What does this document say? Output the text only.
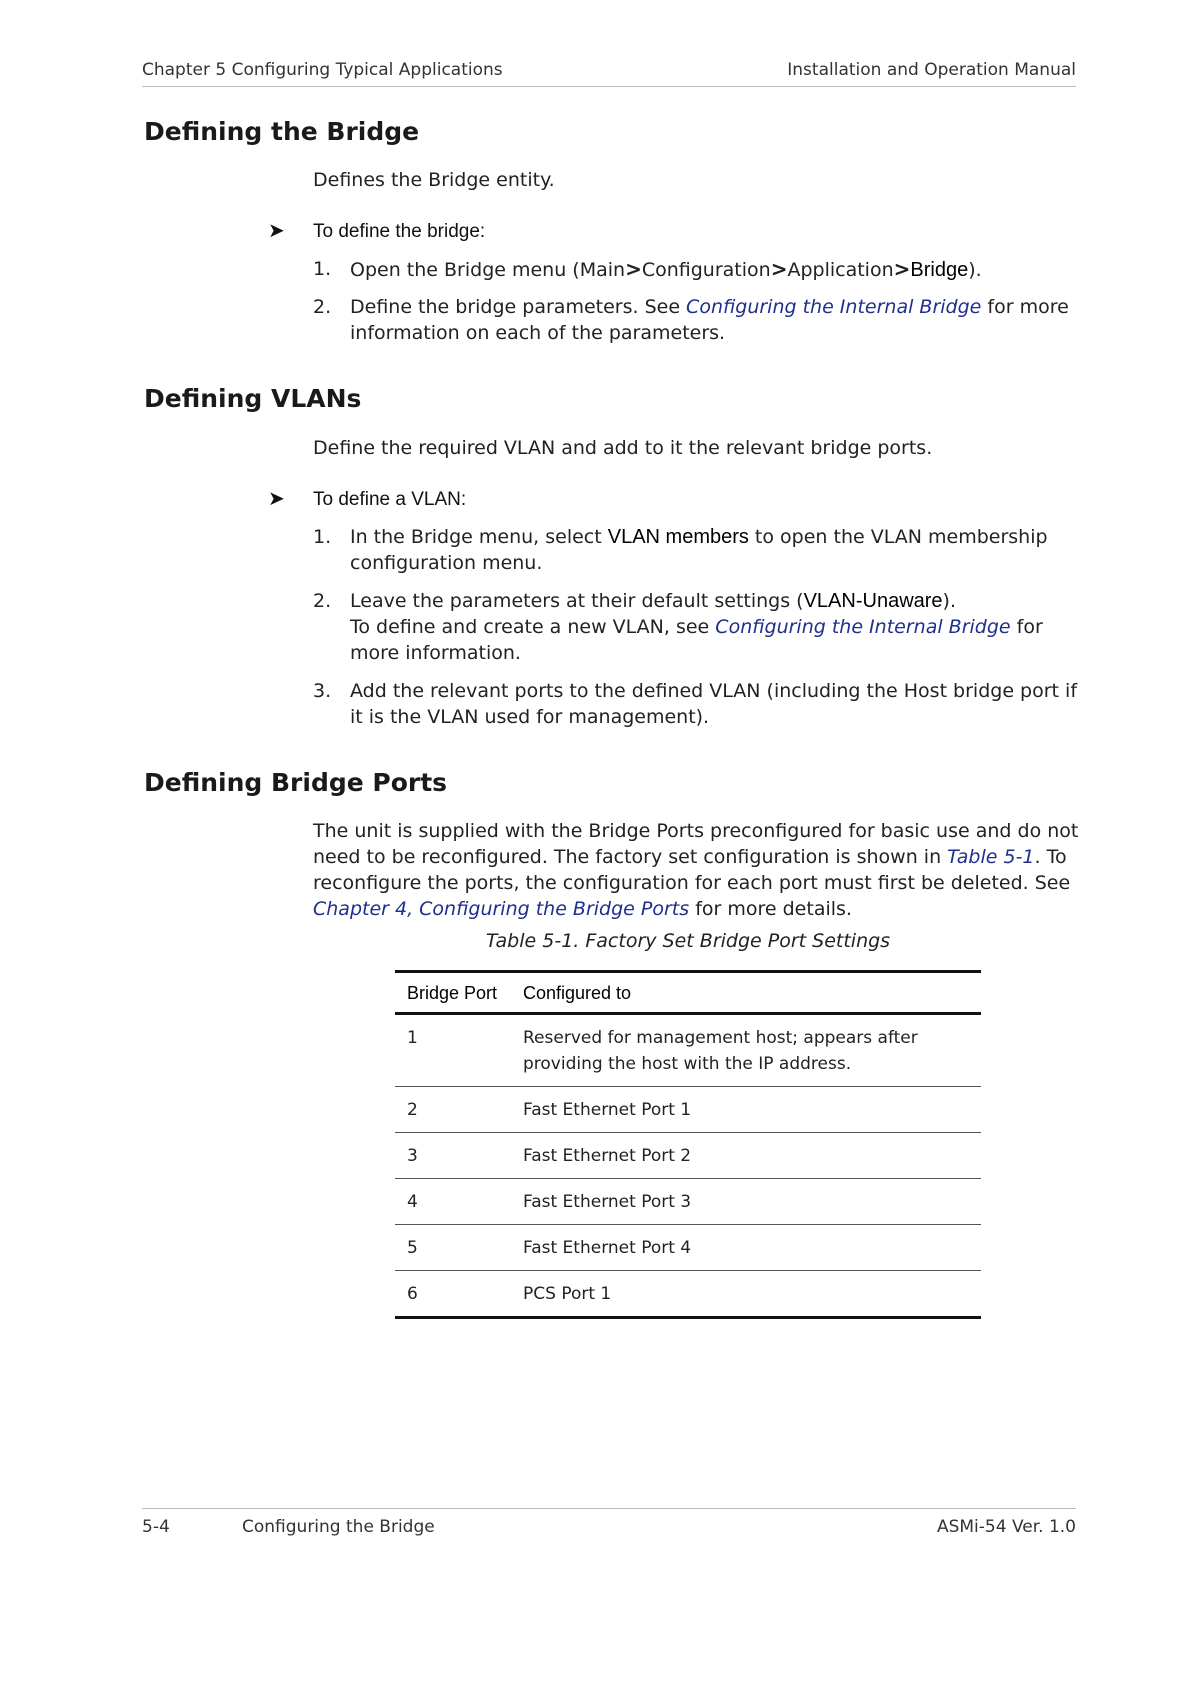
Chapter 5 Configuring Typical Applications	Installation and Operation Manual
Defining the Bridge

Defines the Bridge entity.

➤ To define the bridge:

1. Open the Bridge menu (Main>Configuration>Application>Bridge).
2. Define the bridge parameters. See Configuring the Internal Bridge for more information on each of the parameters.
Defining VLANs

Define the required VLAN and add to it the relevant bridge ports.

➤ To define a VLAN:

1. In the Bridge menu, select VLAN members to open the VLAN membership configuration menu.
2. Leave the parameters at their default settings (VLAN-Unaware).
To define and create a new VLAN, see Configuring the Internal Bridge for more information.
3. Add the relevant ports to the defined VLAN (including the Host bridge port if it is the VLAN used for management).
Defining Bridge Ports

The unit is supplied with the Bridge Ports preconfigured for basic use and do not need to be reconfigured. The factory set configuration is shown in Table 5-1. To reconfigure the ports, the configuration for each port must first be deleted. See Chapter 4, Configuring the Bridge Ports for more details.

Table 5-1. Factory Set Bridge Port Settings

Bridge Port	Configured to
1	Reserved for management host; appears after providing the host with the IP address.
2	Fast Ethernet Port 1
3	Fast Ethernet Port 2
4	Fast Ethernet Port 3
5	Fast Ethernet Port 4
6	PCS Port 1
5-4	Configuring the Bridge	ASMi-54 Ver. 1.0
